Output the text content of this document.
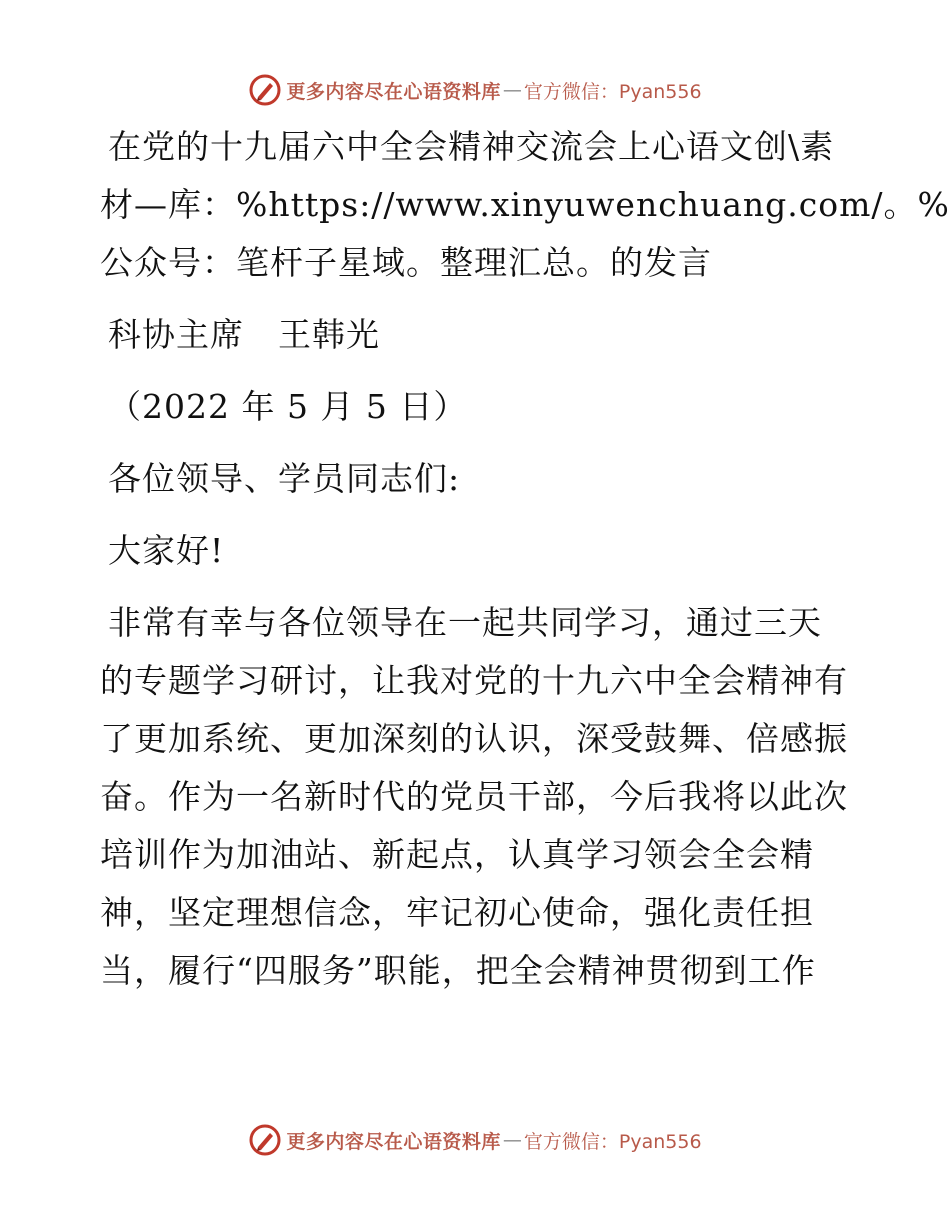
更多内容尽在心语资料库 — 官方微信：Pyan556
在党的十九届六中全会精神交流会上心语文创\素
材—库：%https://www.xinyuwenchuang.com/。%
公众号：笔杆子星域。整理汇总。的发言
科协主席　王韩光
（2022 年 5 月 5 日）
各位领导、学员同志们:
大家好!
非常有幸与各位领导在一起共同学习，通过三天
的专题学习研讨，让我对党的十九六中全会精神有
了更加系统、更加深刻的认识，深受鼓舞、倍感振
奋。作为一名新时代的党员干部，今后我将以此次
培训作为加油站、新起点，认真学习领会全会精
神，坚定理想信念，牢记初心使命，强化责任担
当，履行“四服务”职能，把全会精神贯彻到工作
更多内容尽在心语资料库 — 官方微信：Pyan556
